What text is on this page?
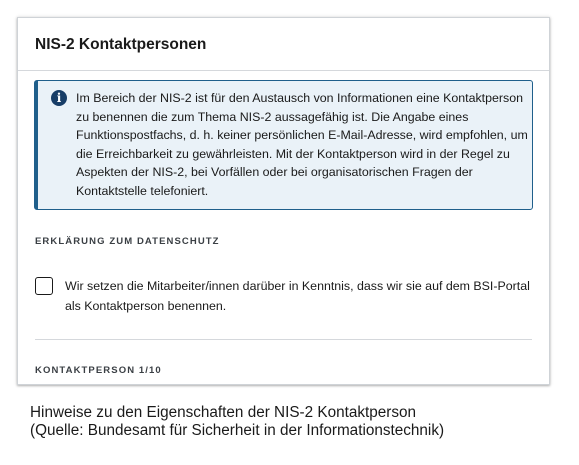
NIS-2 Kontaktpersonen
i	Im Bereich der NIS-2 ist für den Austausch von Informationen eine Kontaktperson zu benennen die zum Thema NIS-2 aussagefähig ist. Die Angabe eines Funktionspostfachs, d. h. keiner persönlichen E-Mail-Adresse, wird empfohlen, um die Erreichbarkeit zu gewährleisten. Mit der Kontaktperson wird in der Regel zu Aspekten der NIS-2, bei Vorfällen oder bei organisatorischen Fragen der Kontaktstelle telefoniert.

ERKLÄRUNG ZUM DATENSCHUTZ

Wir setzen die Mitarbeiter/innen darüber in Kenntnis, dass wir sie auf dem BSI-Portal als Kontaktperson benennen.

KONTAKTPERSON 1/10
Hinweise zu den Eigenschaften der NIS-2 Kontaktperson
(Quelle: Bundesamt für Sicherheit in der Informationstechnik)
